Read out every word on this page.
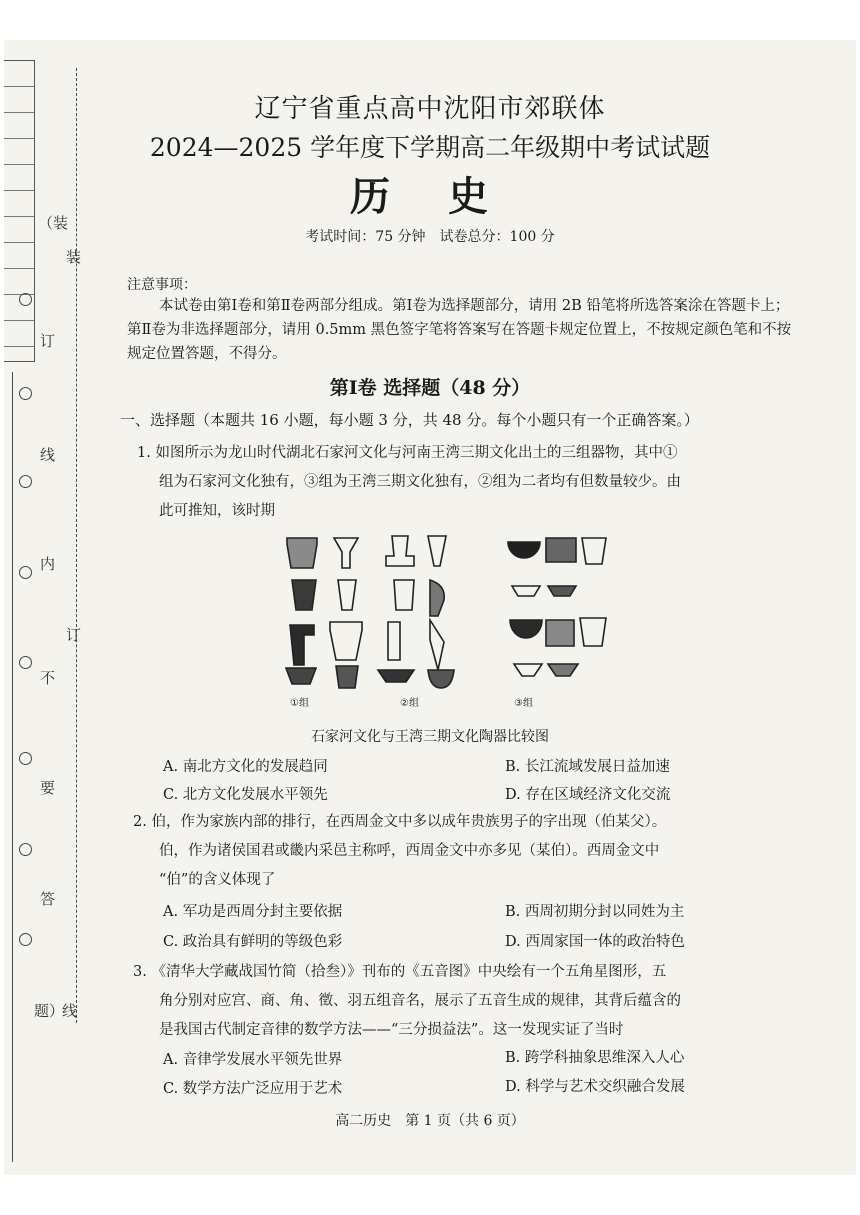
（装
订
线
内
不
要
答
题）
装
订
线
辽宁省重点高中沈阳市郊联体
2024—2025 学年度下学期高二年级期中考试试题
历 史
考试时间：75 分钟　试卷总分：100 分
注意事项：
本试卷由第Ⅰ卷和第Ⅱ卷两部分组成。第Ⅰ卷为选择题部分，请用 2B 铅笔将所选答案涂在答题卡上；第Ⅱ卷为非选择题部分，请用 0.5mm 黑色签字笔将答案写在答题卡规定位置上，不按规定颜色笔和不按规定位置答题，不得分。
第Ⅰ卷 选择题（48 分）
一、选择题（本题共 16 小题，每小题 3 分，共 48 分。每个小题只有一个正确答案。）
1. 如图所示为龙山时代湖北石家河文化与河南王湾三期文化出土的三组器物，其中①
组为石家河文化独有，③组为王湾三期文化独有，②组为二者均有但数量较少。由
此可推知，该时期
①组	②组	③组
石家河文化与王湾三期文化陶器比较图
A. 南北方文化的发展趋同	B. 长江流域发展日益加速
C. 北方文化发展水平领先	D. 存在区域经济文化交流
2. 伯，作为家族内部的排行，在西周金文中多以成年贵族男子的字出现（伯某父）。
伯，作为诸侯国君或畿内采邑主称呼，西周金文中亦多见（某伯）。西周金文中
“伯”的含义体现了
A. 军功是西周分封主要依据	B. 西周初期分封以同姓为主
C. 政治具有鲜明的等级色彩	D. 西周家国一体的政治特色
3. 《清华大学藏战国竹简（拾叁）》刊布的《五音图》中央绘有一个五角星图形，五
角分别对应宫、商、角、徵、羽五组音名，展示了五音生成的规律，其背后蕴含的
是我国古代制定音律的数学方法——“三分损益法”。这一发现实证了当时
A. 音律学发展水平领先世界	B. 跨学科抽象思维深入人心
C. 数学方法广泛应用于艺术	D. 科学与艺术交织融合发展
高二历史　第 1 页（共 6 页）
